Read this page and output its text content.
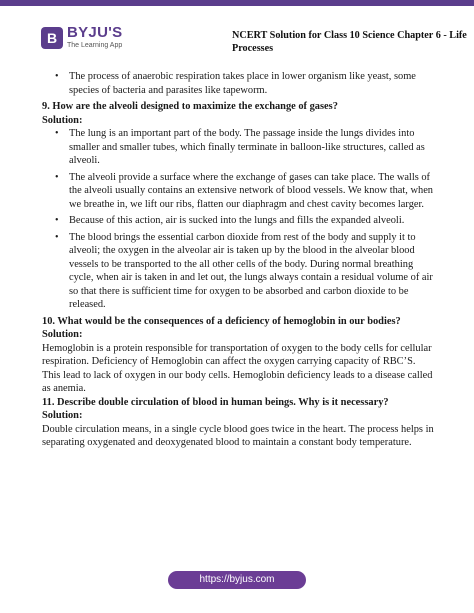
B BYJU'S
The Learning App
NCERT Solution for Class 10 Science Chapter 6 - Life Processes
• The process of anaerobic respiration takes place in lower organism like yeast, some species of bacteria and parasites like tapeworm.

9. How are the alveoli designed to maximize the exchange of gases?

Solution:

• The lung is an important part of the body. The passage inside the lungs divides into smaller and smaller tubes, which finally terminate in balloon-like structures, called as alveoli.
• The alveoli provide a surface where the exchange of gases can take place. The walls of the alveoli usually contains an extensive network of blood vessels. We know that, when we breathe in, we lift our ribs, flatten our diaphragm and chest cavity becomes larger.
• Because of this action, air is sucked into the lungs and fills the expanded alveoli.
• The blood brings the essential carbon dioxide from rest of the body and supply it to alveoli; the oxygen in the alveolar air is taken up by the blood in the alveolar blood vessels to be transported to the all other cells of the body. During normal breathing cycle, when air is taken in and let out, the lungs always contain a residual volume of air so that there is sufficient time for oxygen to be absorbed and carbon dioxide to be released.

10. What would be the consequences of a deficiency of hemoglobin in our bodies?

Solution:

Hemoglobin is a protein responsible for transportation of oxygen to the body cells for cellular respiration. Deficiency of Hemoglobin can affect the oxygen carrying capacity of RBC’S. This lead to lack of oxygen in our body cells. Hemoglobin deficiency leads to a disease called as anemia.

11. Describe double circulation of blood in human beings. Why is it necessary?

Solution:

Double circulation means, in a single cycle blood goes twice in the heart. The process helps in separating oxygenated and deoxygenated blood to maintain a constant body temperature.

https://byjus.com
